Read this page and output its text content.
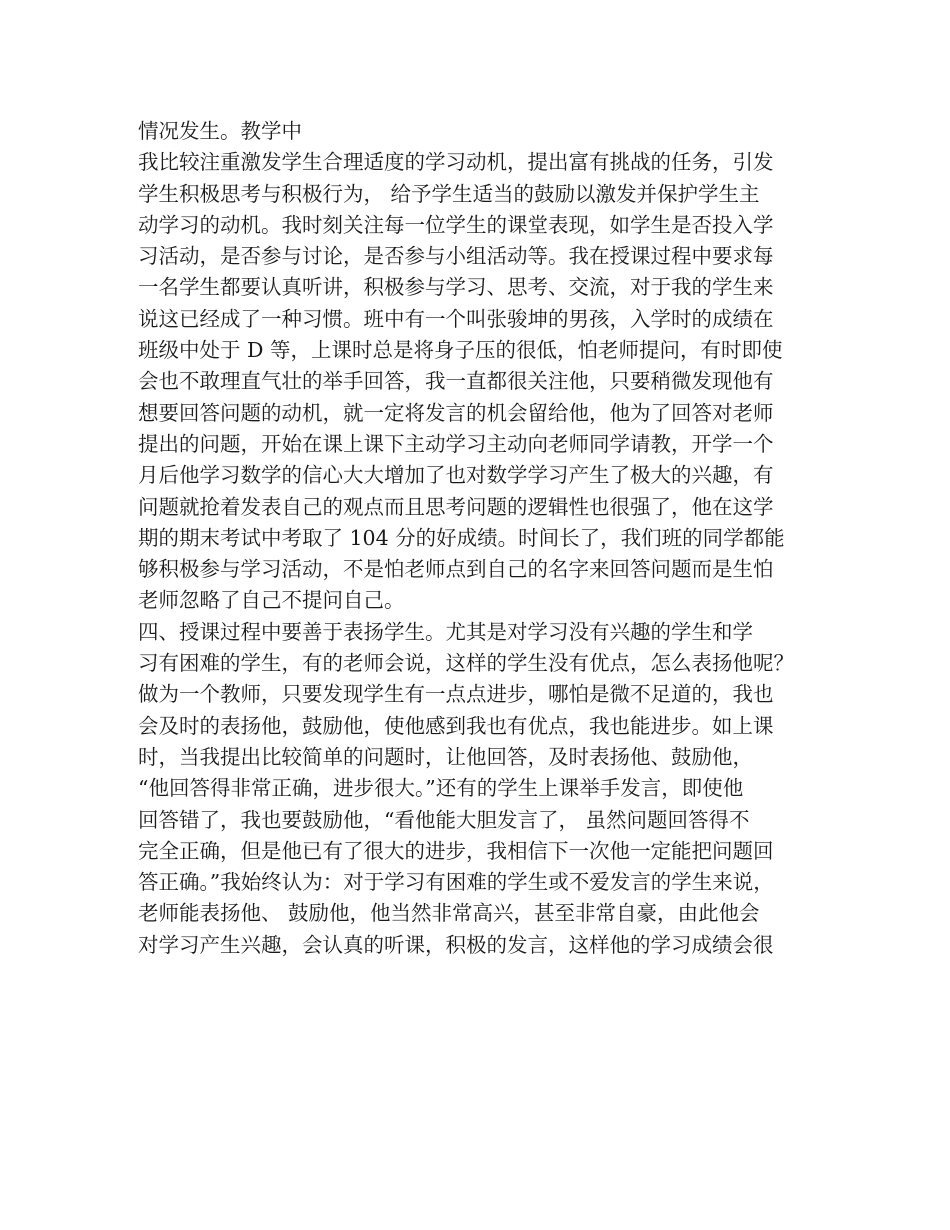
情况发生。教学中
我比较注重激发学生合理适度的学习动机，提出富有挑战的任务，引发
学生积极思考与积极行为， 给予学生适当的鼓励以激发并保护学生主
动学习的动机。我时刻关注每一位学生的课堂表现，如学生是否投入学
习活动，是否参与讨论，是否参与小组活动等。我在授课过程中要求每
一名学生都要认真听讲，积极参与学习、思考、交流，对于我的学生来
说这已经成了一种习惯。班中有一个叫张骏坤的男孩，入学时的成绩在
班级中处于 D 等，上课时总是将身子压的很低，怕老师提问，有时即使
会也不敢理直气壮的举手回答，我一直都很关注他，只要稍微发现他有
想要回答问题的动机，就一定将发言的机会留给他，他为了回答对老师
提出的问题，开始在课上课下主动学习主动向老师同学请教，开学一个
月后他学习数学的信心大大增加了也对数学学习产生了极大的兴趣，有
问题就抢着发表自己的观点而且思考问题的逻辑性也很强了，他在这学
期的期末考试中考取了 104 分的好成绩。时间长了，我们班的同学都能
够积极参与学习活动，不是怕老师点到自己的名字来回答问题而是生怕
老师忽略了自己不提问自己。
四、授课过程中要善于表扬学生。尤其是对学习没有兴趣的学生和学
习有困难的学生，有的老师会说，这样的学生没有优点，怎么表扬他呢？
做为一个教师，只要发现学生有一点点进步，哪怕是微不足道的，我也
会及时的表扬他，鼓励他，使他感到我也有优点，我也能进步。如上课
时，当我提出比较简单的问题时，让他回答，及时表扬他、鼓励他，
“他回答得非常正确，进步很大。”还有的学生上课举手发言，即使他
回答错了，我也要鼓励他，“看他能大胆发言了， 虽然问题回答得不
完全正确，但是他已有了很大的进步，我相信下一次他一定能把问题回
答正确。”我始终认为：对于学习有困难的学生或不爱发言的学生来说，
老师能表扬他、 鼓励他，他当然非常高兴，甚至非常自豪，由此他会
对学习产生兴趣，会认真的听课，积极的发言，这样他的学习成绩会很
